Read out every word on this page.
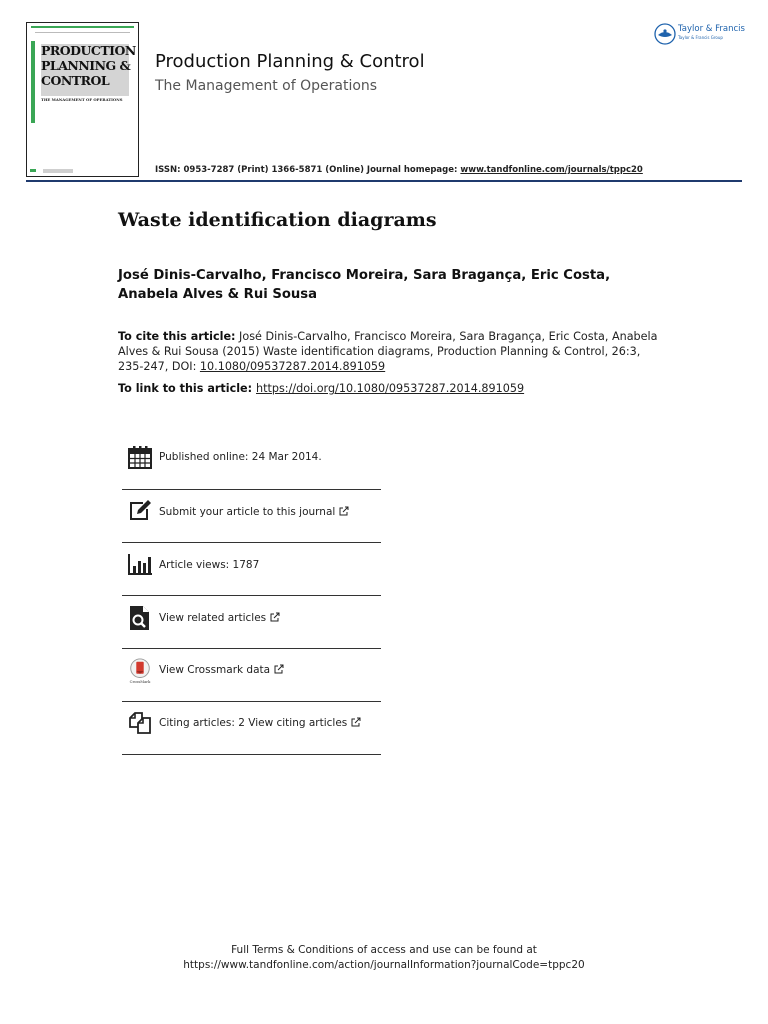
PRODUCTION PLANNING & CONTROL
THE MANAGEMENT OF OPERATIONS
Production Planning & Control
The Management of Operations
ISSN: 0953-7287 (Print) 1366-5871 (Online) Journal homepage: www.tandfonline.com/journals/tppc20
Taylor & Francis
Taylor & Francis Group
Waste identification diagrams
José Dinis-Carvalho, Francisco Moreira, Sara Bragança, Eric Costa, Anabela Alves & Rui Sousa
To cite this article: José Dinis-Carvalho, Francisco Moreira, Sara Bragança, Eric Costa, Anabela Alves & Rui Sousa (2015) Waste identification diagrams, Production Planning & Control, 26:3, 235-247, DOI: 10.1080/09537287.2014.891059
To link to this article: https://doi.org/10.1080/09537287.2014.891059
Published online: 24 Mar 2014.
Submit your article to this journal
Article views: 1787
View related articles
CrossMark
View Crossmark data
Citing articles: 2 View citing articles
Full Terms & Conditions of access and use can be found at
https://www.tandfonline.com/action/journalInformation?journalCode=tppc20
